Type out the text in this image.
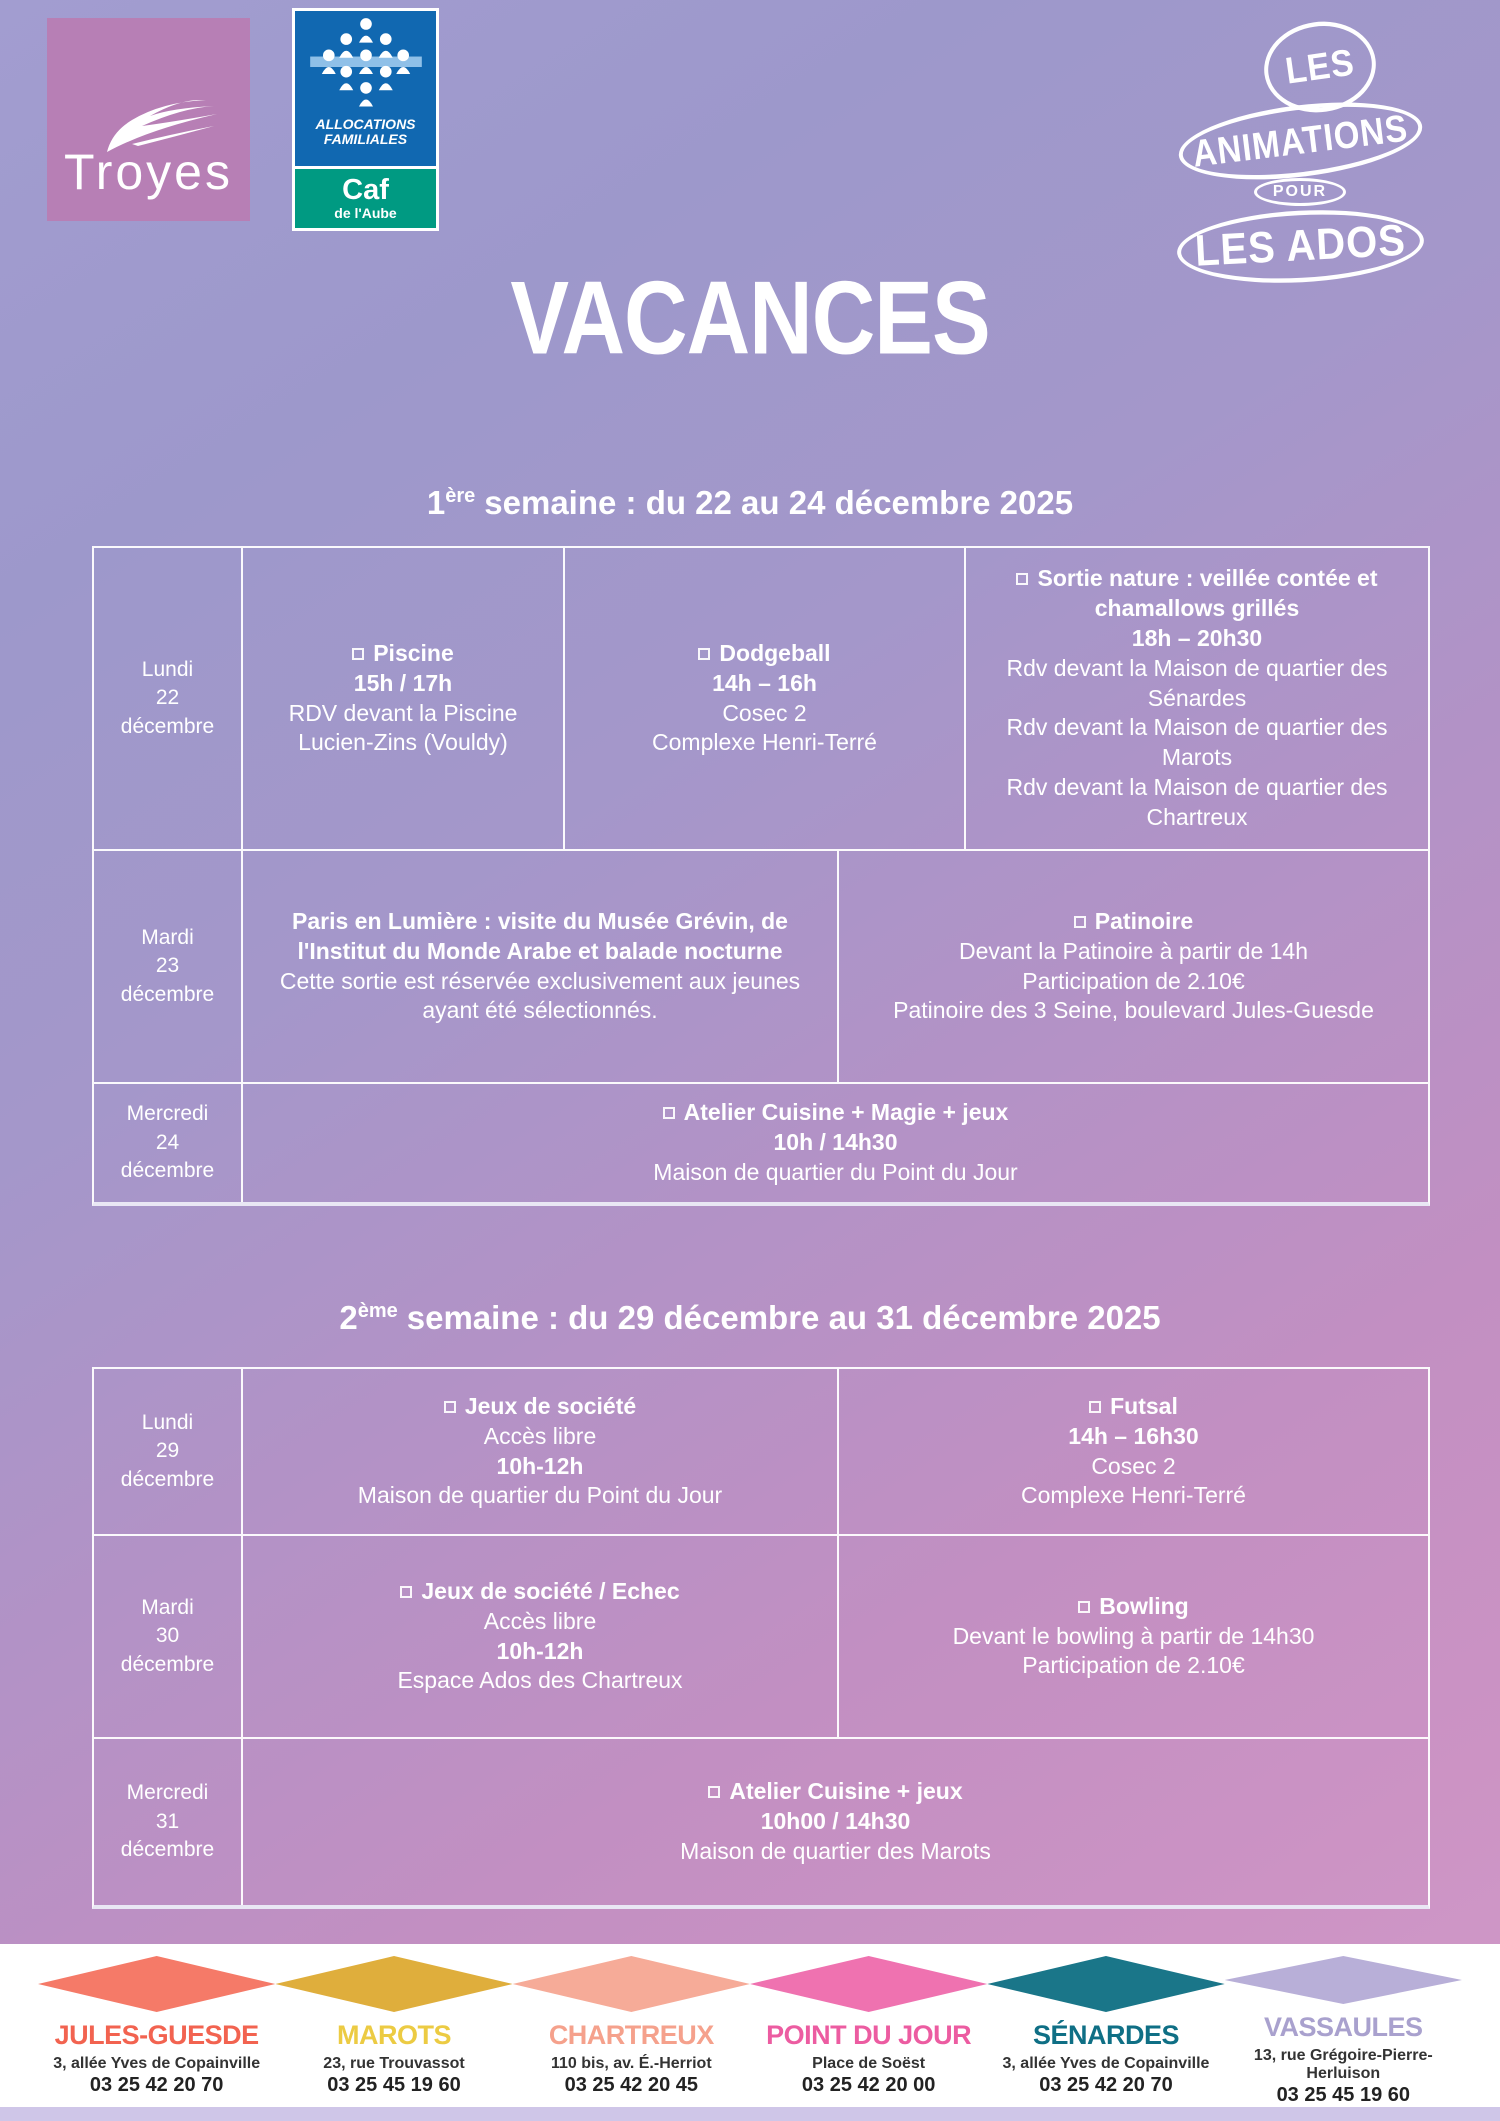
Troyes
ALLOCATIONS
FAMILIALES
Caf
de l'Aube
LES
ANIMATIONS
POUR
LES ADOS
VACANCES
1ère semaine : du 22 au 24 décembre 2025
Lundi
22
décembre
Piscine
15h / 17h
RDV devant la Piscine
Lucien-Zins (Vouldy)
Dodgeball
14h – 16h
Cosec 2
Complexe Henri-Terré
Sortie nature : veillée contée et chamallows grillés
18h – 20h30
Rdv devant la Maison de quartier des Sénardes
Rdv devant la Maison de quartier des Marots
Rdv devant la Maison de quartier des Chartreux
Mardi
23
décembre
Paris en Lumière : visite du Musée Grévin, de l'Institut du Monde Arabe et balade nocturne
Cette sortie est réservée exclusivement aux jeunes ayant été sélectionnés.
Patinoire
Devant la Patinoire à partir de 14h
Participation de 2.10€
Patinoire des 3 Seine, boulevard Jules-Guesde
Mercredi
24
décembre
Atelier Cuisine + Magie + jeux
10h / 14h30
Maison de quartier du Point du Jour
2ème semaine : du 29 décembre au 31 décembre 2025
Lundi
29
décembre
Jeux de société
Accès libre
10h-12h
Maison de quartier du Point du Jour
Futsal
14h – 16h30
Cosec 2
Complexe Henri-Terré
Mardi
30
décembre
Jeux de société / Echec
Accès libre
10h-12h
Espace Ados des Chartreux
Bowling
Devant le bowling à partir de 14h30
Participation de 2.10€
Mercredi
31
décembre
Atelier Cuisine + jeux
10h00 / 14h30
Maison de quartier des Marots
JULES-GUESDE
3, allée Yves de Copainville
03 25 42 20 70
MAROTS
23, rue Trouvassot
03 25 45 19 60
CHARTREUX
110 bis, av. É.-Herriot
03 25 42 20 45
POINT DU JOUR
Place de Soëst
03 25 42 20 00
SÉNARDES
3, allée Yves de Copainville
03 25 42 20 70
VASSAULES
13, rue Grégoire-Pierre-Herluison
03 25 45 19 60
